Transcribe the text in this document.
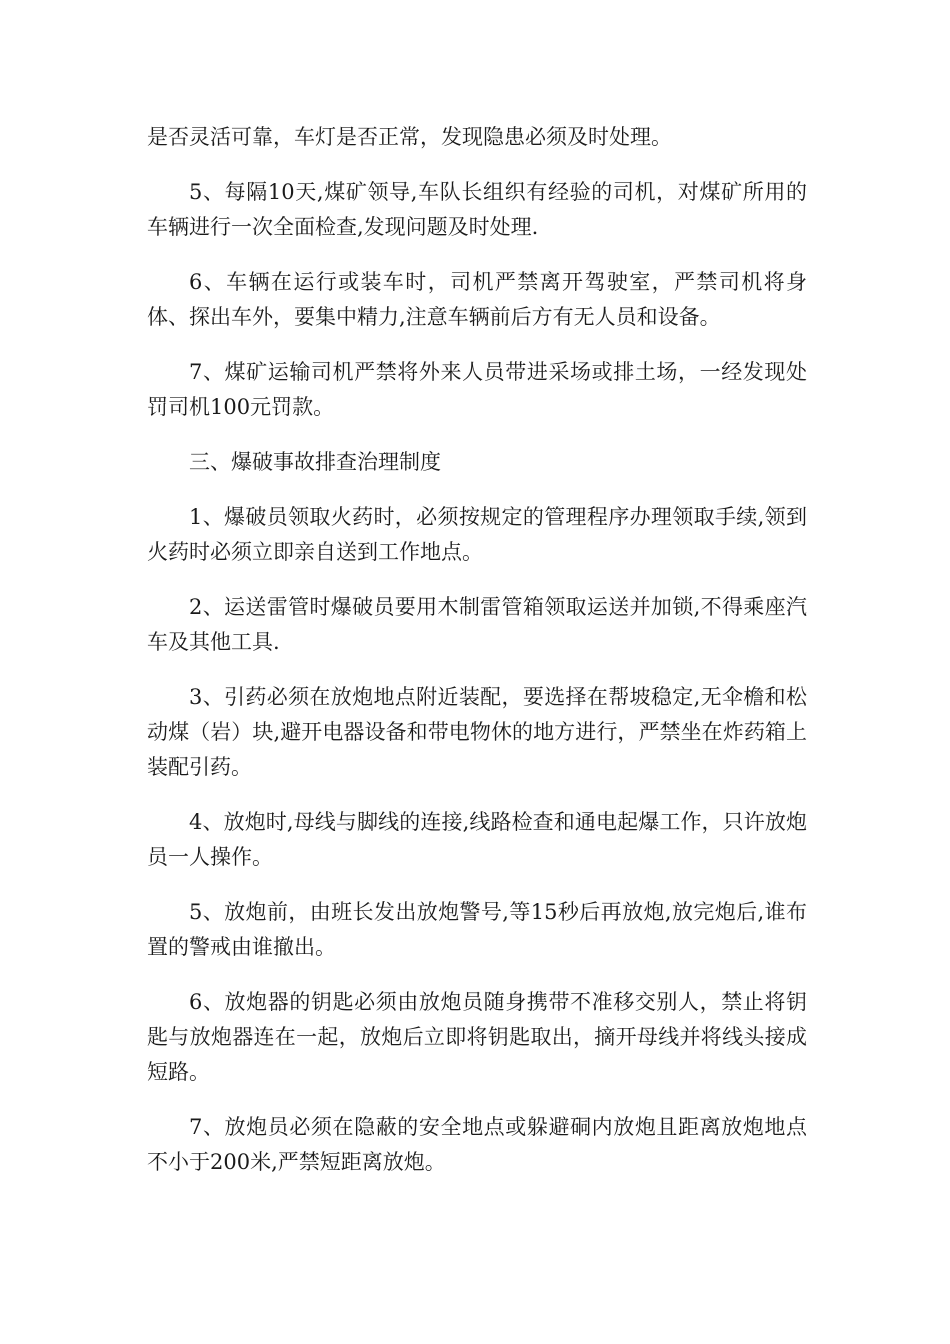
是否灵活可靠，车灯是否正常，发现隐患必须及时处理。

5、每隔10天,煤矿领导,车队长组织有经验的司机，对煤矿所用的车辆进行一次全面检查,发现问题及时处理.

6、车辆在运行或装车时，司机严禁离开驾驶室，严禁司机将身体、探出车外，要集中精力,注意车辆前后方有无人员和设备。

7、煤矿运输司机严禁将外来人员带进采场或排土场，一经发现处罚司机100元罚款。

三、爆破事故排查治理制度

1、爆破员领取火药时，必须按规定的管理程序办理领取手续,领到火药时必须立即亲自送到工作地点。

2、运送雷管时爆破员要用木制雷管箱领取运送并加锁,不得乘座汽车及其他工具.

3、引药必须在放炮地点附近装配，要选择在帮坡稳定,无伞檐和松动煤（岩）块,避开电器设备和带电物休的地方进行，严禁坐在炸药箱上装配引药。

4、放炮时,母线与脚线的连接,线路检查和通电起爆工作，只许放炮员一人操作。

5、放炮前，由班长发出放炮警号,等15秒后再放炮,放完炮后,谁布置的警戒由谁撤出。

6、放炮器的钥匙必须由放炮员随身携带不准移交别人，禁止将钥匙与放炮器连在一起，放炮后立即将钥匙取出，摘开母线并将线头接成短路。

7、放炮员必须在隐蔽的安全地点或躲避硐内放炮且距离放炮地点不小于200米,严禁短距离放炮。
